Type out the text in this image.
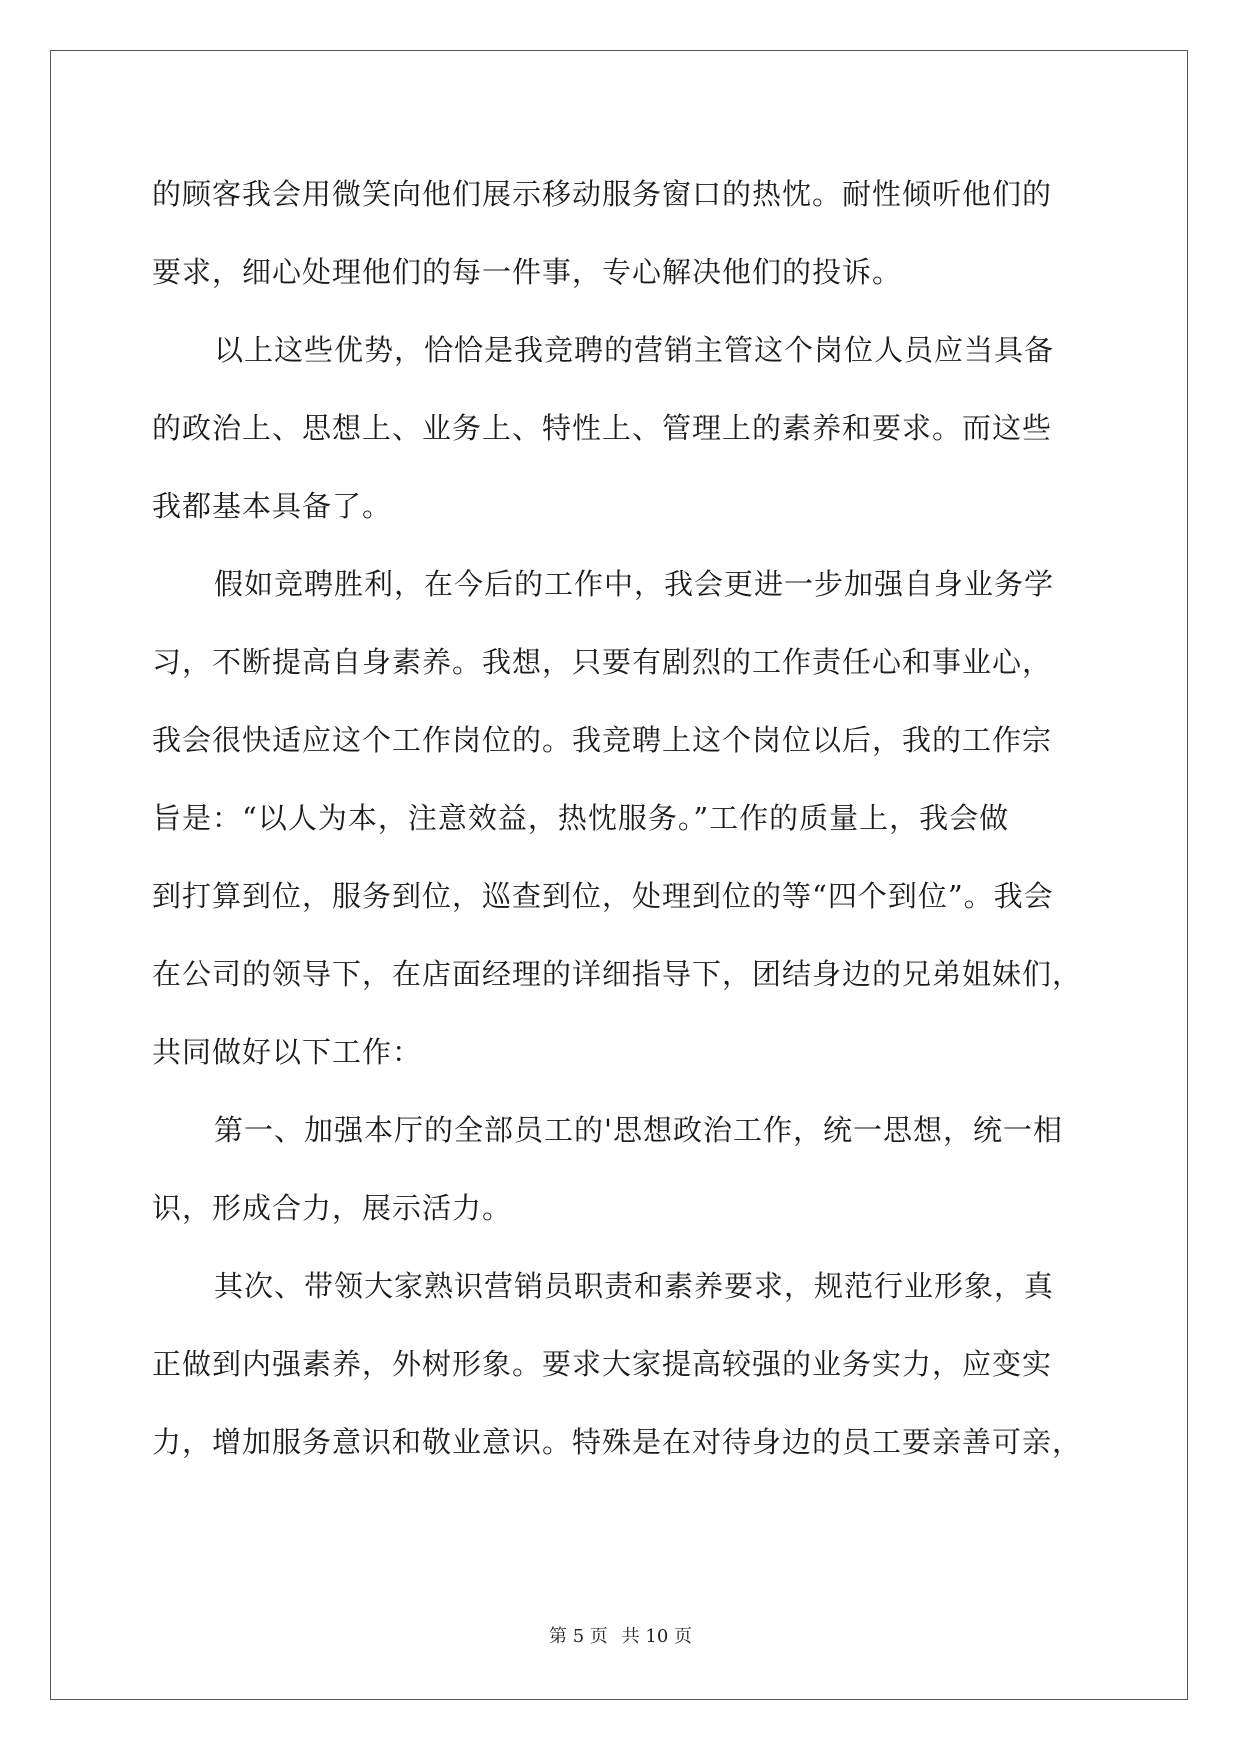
的顾客我会用微笑向他们展示移动服务窗口的热忱。耐性倾听他们的
要求，细心处理他们的每一件事，专心解决他们的投诉。
以上这些优势，恰恰是我竞聘的营销主管这个岗位人员应当具备
的政治上、思想上、业务上、特性上、管理上的素养和要求。而这些
我都基本具备了。
假如竞聘胜利，在今后的工作中，我会更进一步加强自身业务学
习，不断提高自身素养。我想，只要有剧烈的工作责任心和事业心，
我会很快适应这个工作岗位的。我竞聘上这个岗位以后，我的工作宗
旨是：“以人为本，注意效益，热忱服务。”工作的质量上，我会做
到打算到位，服务到位，巡查到位，处理到位的等“四个到位”。我会
在公司的领导下，在店面经理的详细指导下，团结身边的兄弟姐妹们，
共同做好以下工作：
第一、加强本厅的全部员工的'思想政治工作，统一思想，统一相
识，形成合力，展示活力。
其次、带领大家熟识营销员职责和素养要求，规范行业形象，真
正做到内强素养，外树形象。要求大家提高较强的业务实力，应变实
力，增加服务意识和敬业意识。特殊是在对待身边的员工要亲善可亲，
第 5 页 共 10 页
